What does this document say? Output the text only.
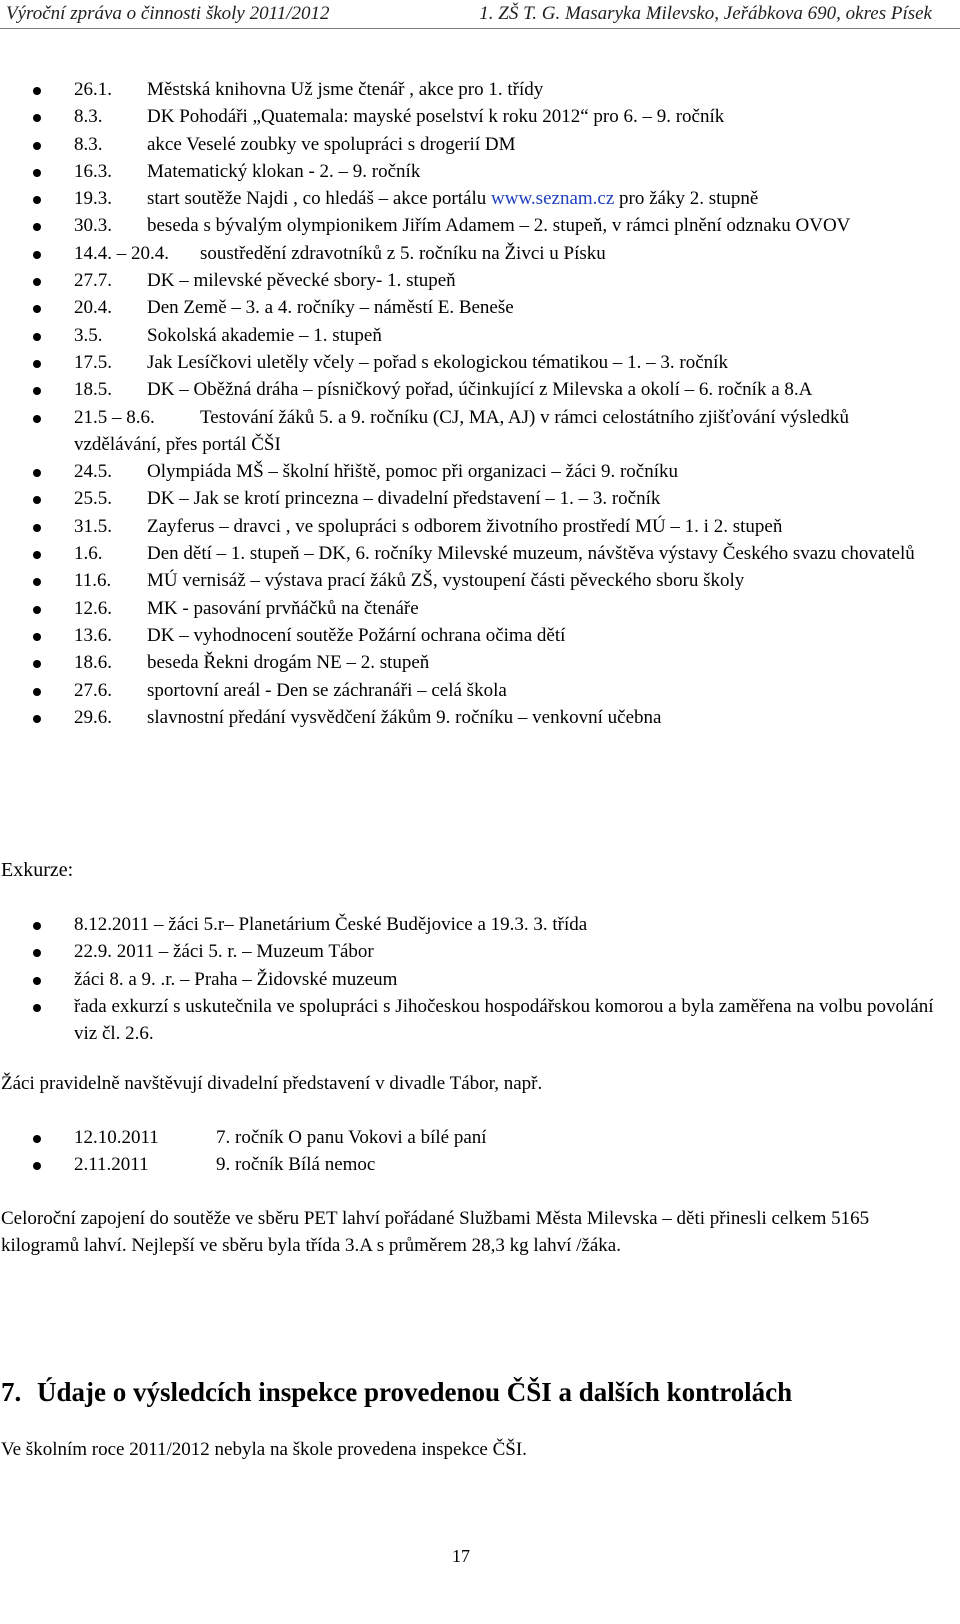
Výroční zpráva o činnosti školy 2011/2012	1. ZŠ T. G. Masaryka Milevsko, Jeřábkova 690, okres Písek
26.1. Městská knihovna Už jsme čtenář , akce pro 1. třídy
8.3. DK Pohodáři „Quatemala: mayské poselství k roku 2012“ pro 6. – 9. ročník
8.3. akce Veselé zoubky ve spolupráci s drogerií DM
16.3. Matematický klokan - 2. – 9. ročník
19.3. start soutěže Najdi , co hledáš – akce portálu www.seznam.cz pro žáky 2. stupně
30.3. beseda s bývalým olympionikem Jiřím Adamem – 2. stupeň, v rámci plnění odznaku OVOV
14.4. – 20.4. soustředění zdravotníků z 5. ročníku na Živci u Písku
27.7. DK – milevské pěvecké sbory- 1. stupeň
20.4. Den Země – 3. a 4. ročníky – náměstí E. Beneše
3.5. Sokolská akademie – 1. stupeň
17.5. Jak Lesíčkovi uletěly včely – pořad s ekologickou tématikou – 1. – 3. ročník
18.5. DK – Oběžná dráha – písničkový pořad, účinkující z Milevska a okolí – 6. ročník a 8.A
21.5 – 8.6. Testování žáků 5. a 9. ročníku (CJ, MA, AJ) v rámci celostátního zjišťování výsledků vzdělávání, přes portál ČŠI
24.5. Olympiáda MŠ – školní hřiště, pomoc při organizaci – žáci 9. ročníku
25.5. DK – Jak se krotí princezna – divadelní představení – 1. – 3. ročník
31.5. Zayferus – dravci , ve spolupráci s odborem životního prostředí MÚ – 1. i 2. stupeň
1.6. Den dětí – 1. stupeň – DK, 6. ročníky Milevské muzeum, návštěva výstavy Českého svazu chovatelů
11.6. MÚ vernisáž – výstava prací žáků ZŠ, vystoupení části pěveckého sboru školy
12.6. MK - pasování prvňáčků na čtenáře
13.6. DK – vyhodnocení soutěže Požární ochrana očima dětí
18.6. beseda Řekni drogám NE – 2. stupeň
27.6. sportovní areál - Den se záchranáři – celá škola
29.6. slavnostní předání vysvědčení žákům 9. ročníku – venkovní učebna
Exkurze:
8.12.2011 – žáci 5.r– Planetárium České Budějovice a 19.3. 3. třída
22.9. 2011 – žáci 5. r. – Muzeum Tábor
žáci 8. a 9. .r. – Praha – Židovské muzeum
řada exkurzí s uskutečnila ve spolupráci s Jihočeskou hospodářskou komorou a byla zaměřena na volbu povolání viz čl. 2.6.
Žáci pravidelně navštěvují divadelní představení v divadle Tábor, např.
12.10.2011	7. ročník O panu Vokovi a bílé paní
2.11.2011	9. ročník Bílá nemoc
Celoroční zapojení do soutěže ve sběru PET lahví pořádané Službami Města Milevska – děti přinesli celkem 5165 kilogramů lahví. Nejlepší ve sběru byla třída 3.A s průměrem 28,3 kg lahví /žáka.
7. Údaje o výsledcích inspekce provedenou ČŠI a dalších kontrolách
Ve školním roce 2011/2012 nebyla na škole provedena inspekce ČŠI.
17
